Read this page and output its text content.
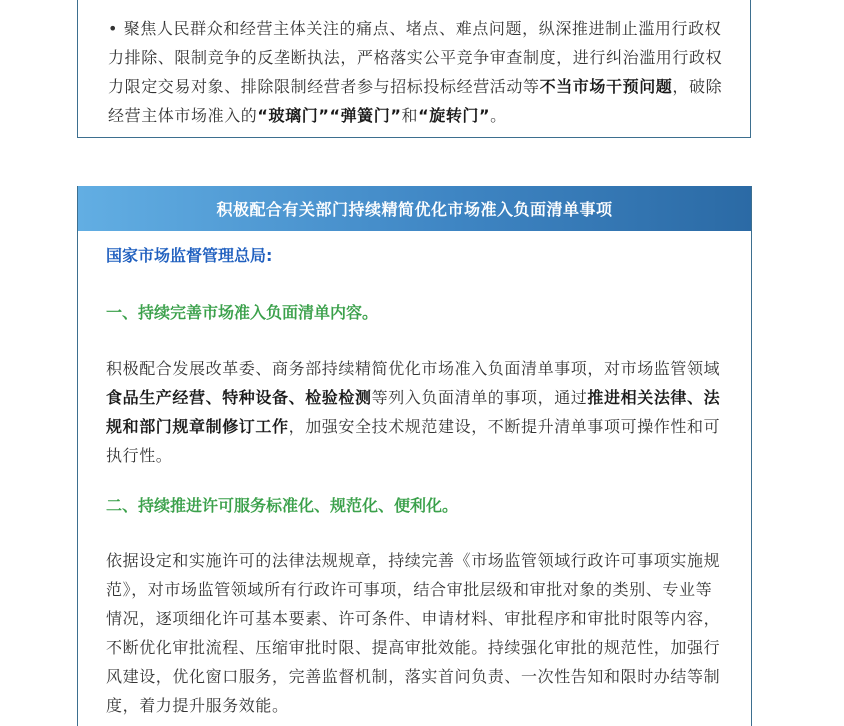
• 聚焦人民群众和经营主体关注的痛点、堵点、难点问题，纵深推进制止滥用行政权力排除、限制竞争的反垄断执法，严格落实公平竞争审查制度，进行纠治滥用行政权力限定交易对象、排除限制经营者参与招标投标经营活动等不当市场干预问题，破除经营主体市场准入的“玻璃门”“弹簧门”和“旋转门”。

积极配合有关部门持续精简优化市场准入负面清单事项

国家市场监督管理总局:

一、持续完善市场准入负面清单内容。

积极配合发展改革委、商务部持续精简优化市场准入负面清单事项，对市场监管领域食品生产经营、特种设备、检验检测等列入负面清单的事项，通过推进相关法律、法规和部门规章制修订工作，加强安全技术规范建设，不断提升清单事项可操作性和可执行性。

二、持续推进许可服务标准化、规范化、便利化。

依据设定和实施许可的法律法规规章，持续完善《市场监管领域行政许可事项实施规范》，对市场监管领域所有行政许可事项，结合审批层级和审批对象的类别、专业等情况，逐项细化许可基本要素、许可条件、申请材料、审批程序和审批时限等内容，不断优化审批流程、压缩审批时限、提高审批效能。持续强化审批的规范性，加强行风建设，优化窗口服务，完善监督机制，落实首问负责、一次性告知和限时办结等制度，着力提升服务效能。
